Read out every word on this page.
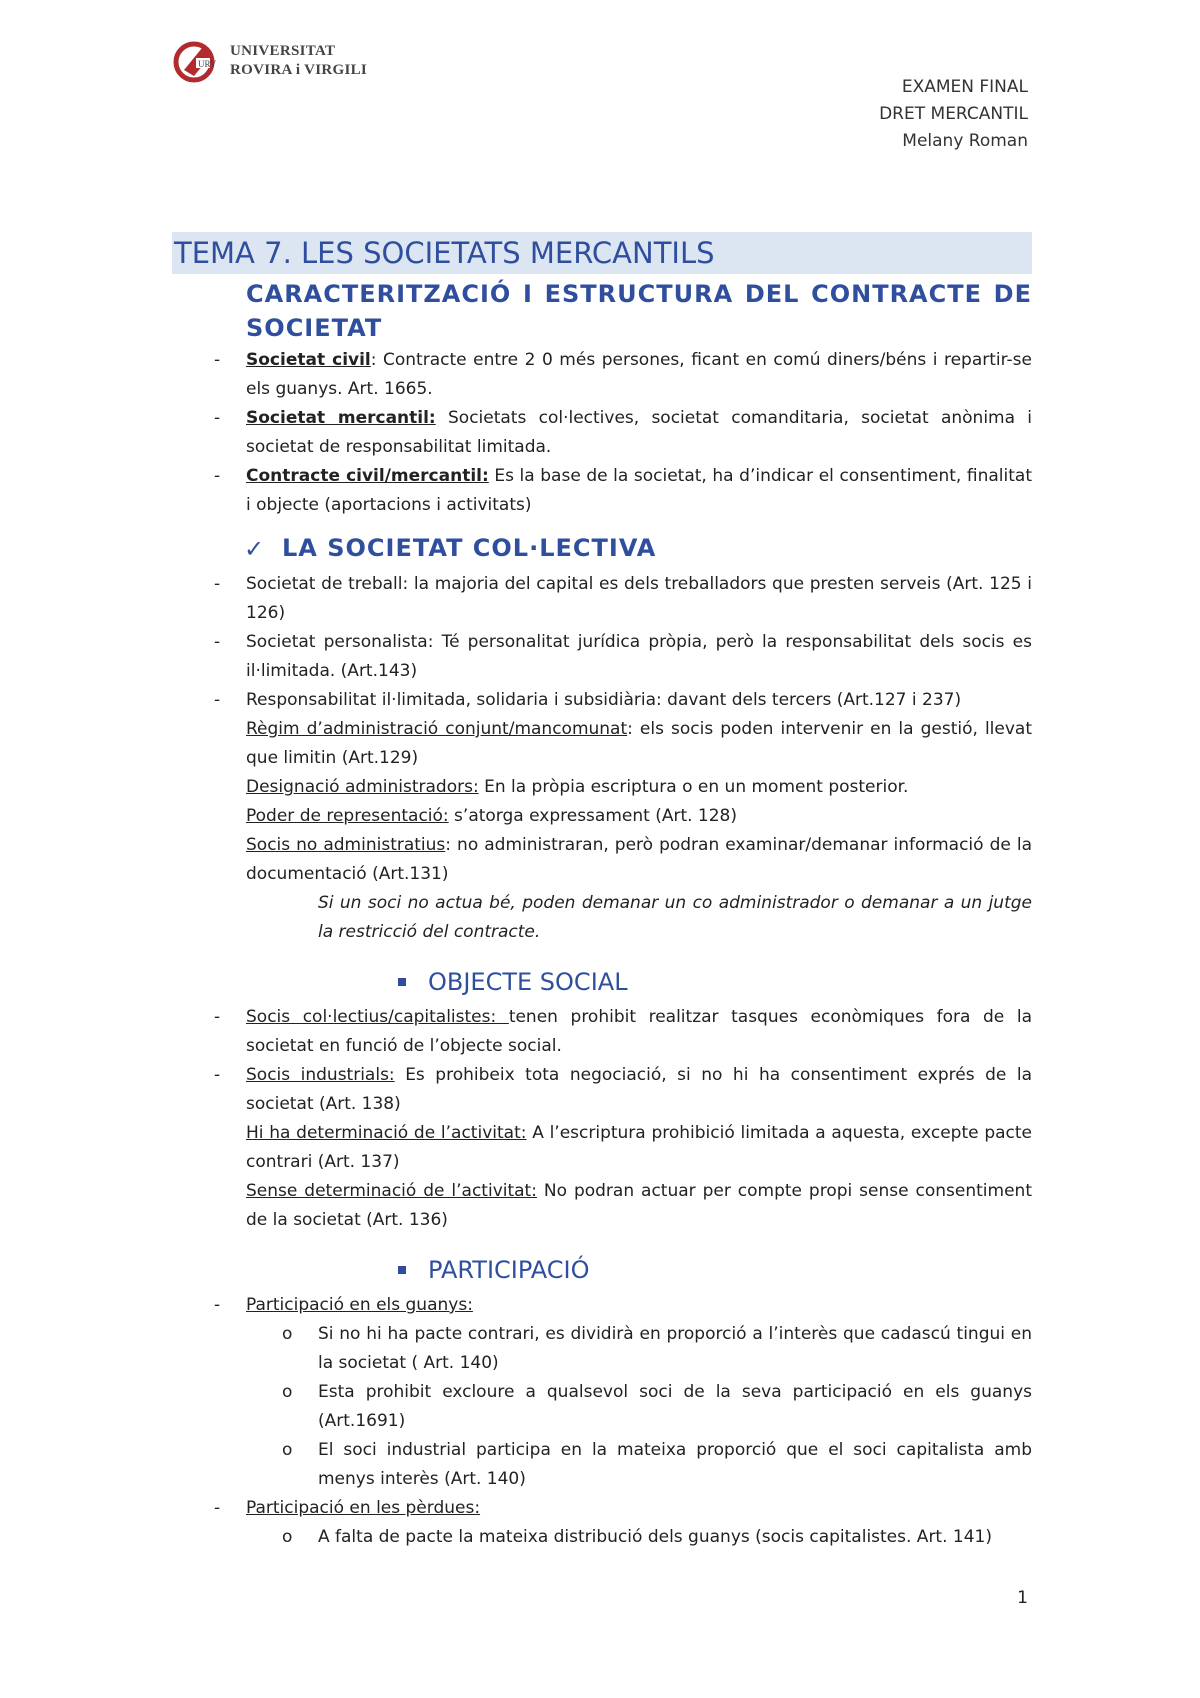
URV
UNIVERSITAT
ROVIRA i VIRGILI
EXAMEN FINAL
DRET MERCANTIL
Melany Roman
TEMA 7. LES SOCIETATS MERCANTILS
CARACTERITZACIÓ I ESTRUCTURA DEL CONTRACTE DE SOCIETAT
- Societat civil: Contracte entre 2 0 més persones, ficant en comú diners/béns i repartir-se els guanys. Art. 1665.
- Societat mercantil: Societats col·lectives, societat comanditaria, societat anònima i societat de responsabilitat limitada.
- Contracte civil/mercantil: Es la base de la societat, ha d’indicar el consentiment, finalitat i objecte (aportacions i activitats)
✓ LA SOCIETAT COL·LECTIVA
- Societat de treball: la majoria del capital es dels treballadors que presten serveis (Art. 125 i 126)
- Societat personalista: Té personalitat jurídica pròpia, però la responsabilitat dels socis es il·limitada. (Art.143)
- Responsabilitat il·limitada, solidaria i subsidiària: davant dels tercers (Art.127 i 237)
Règim d’administració conjunt/mancomunat: els socis poden intervenir en la gestió, llevat que limitin (Art.129)
Designació administradors: En la pròpia escriptura o en un moment posterior.
Poder de representació: s’atorga expressament (Art. 128)
Socis no administratius: no administraran, però podran examinar/demanar informació de la documentació (Art.131)
Si un soci no actua bé, poden demanar un co administrador o demanar a un jutge la restricció del contracte.
OBJECTE SOCIAL
- Socis col·lectius/capitalistes: tenen prohibit realitzar tasques econòmiques fora de la societat en funció de l’objecte social.
- Socis industrials: Es prohibeix tota negociació, si no hi ha consentiment exprés de la societat (Art. 138)
Hi ha determinació de l’activitat: A l’escriptura prohibició limitada a aquesta, excepte pacte contrari (Art. 137)
Sense determinació de l’activitat: No podran actuar per compte propi sense consentiment de la societat (Art. 136)
PARTICIPACIÓ
- Participació en els guanys:
o Si no hi ha pacte contrari, es dividirà en proporció a l’interès que cadascú tingui en la societat ( Art. 140)
o Esta prohibit excloure a qualsevol soci de la seva participació en els guanys (Art.1691)
o El soci industrial participa en la mateixa proporció que el soci capitalista amb menys interès (Art. 140)
- Participació en les pèrdues:
o A falta de pacte la mateixa distribució dels guanys (socis capitalistes. Art. 141)
1
